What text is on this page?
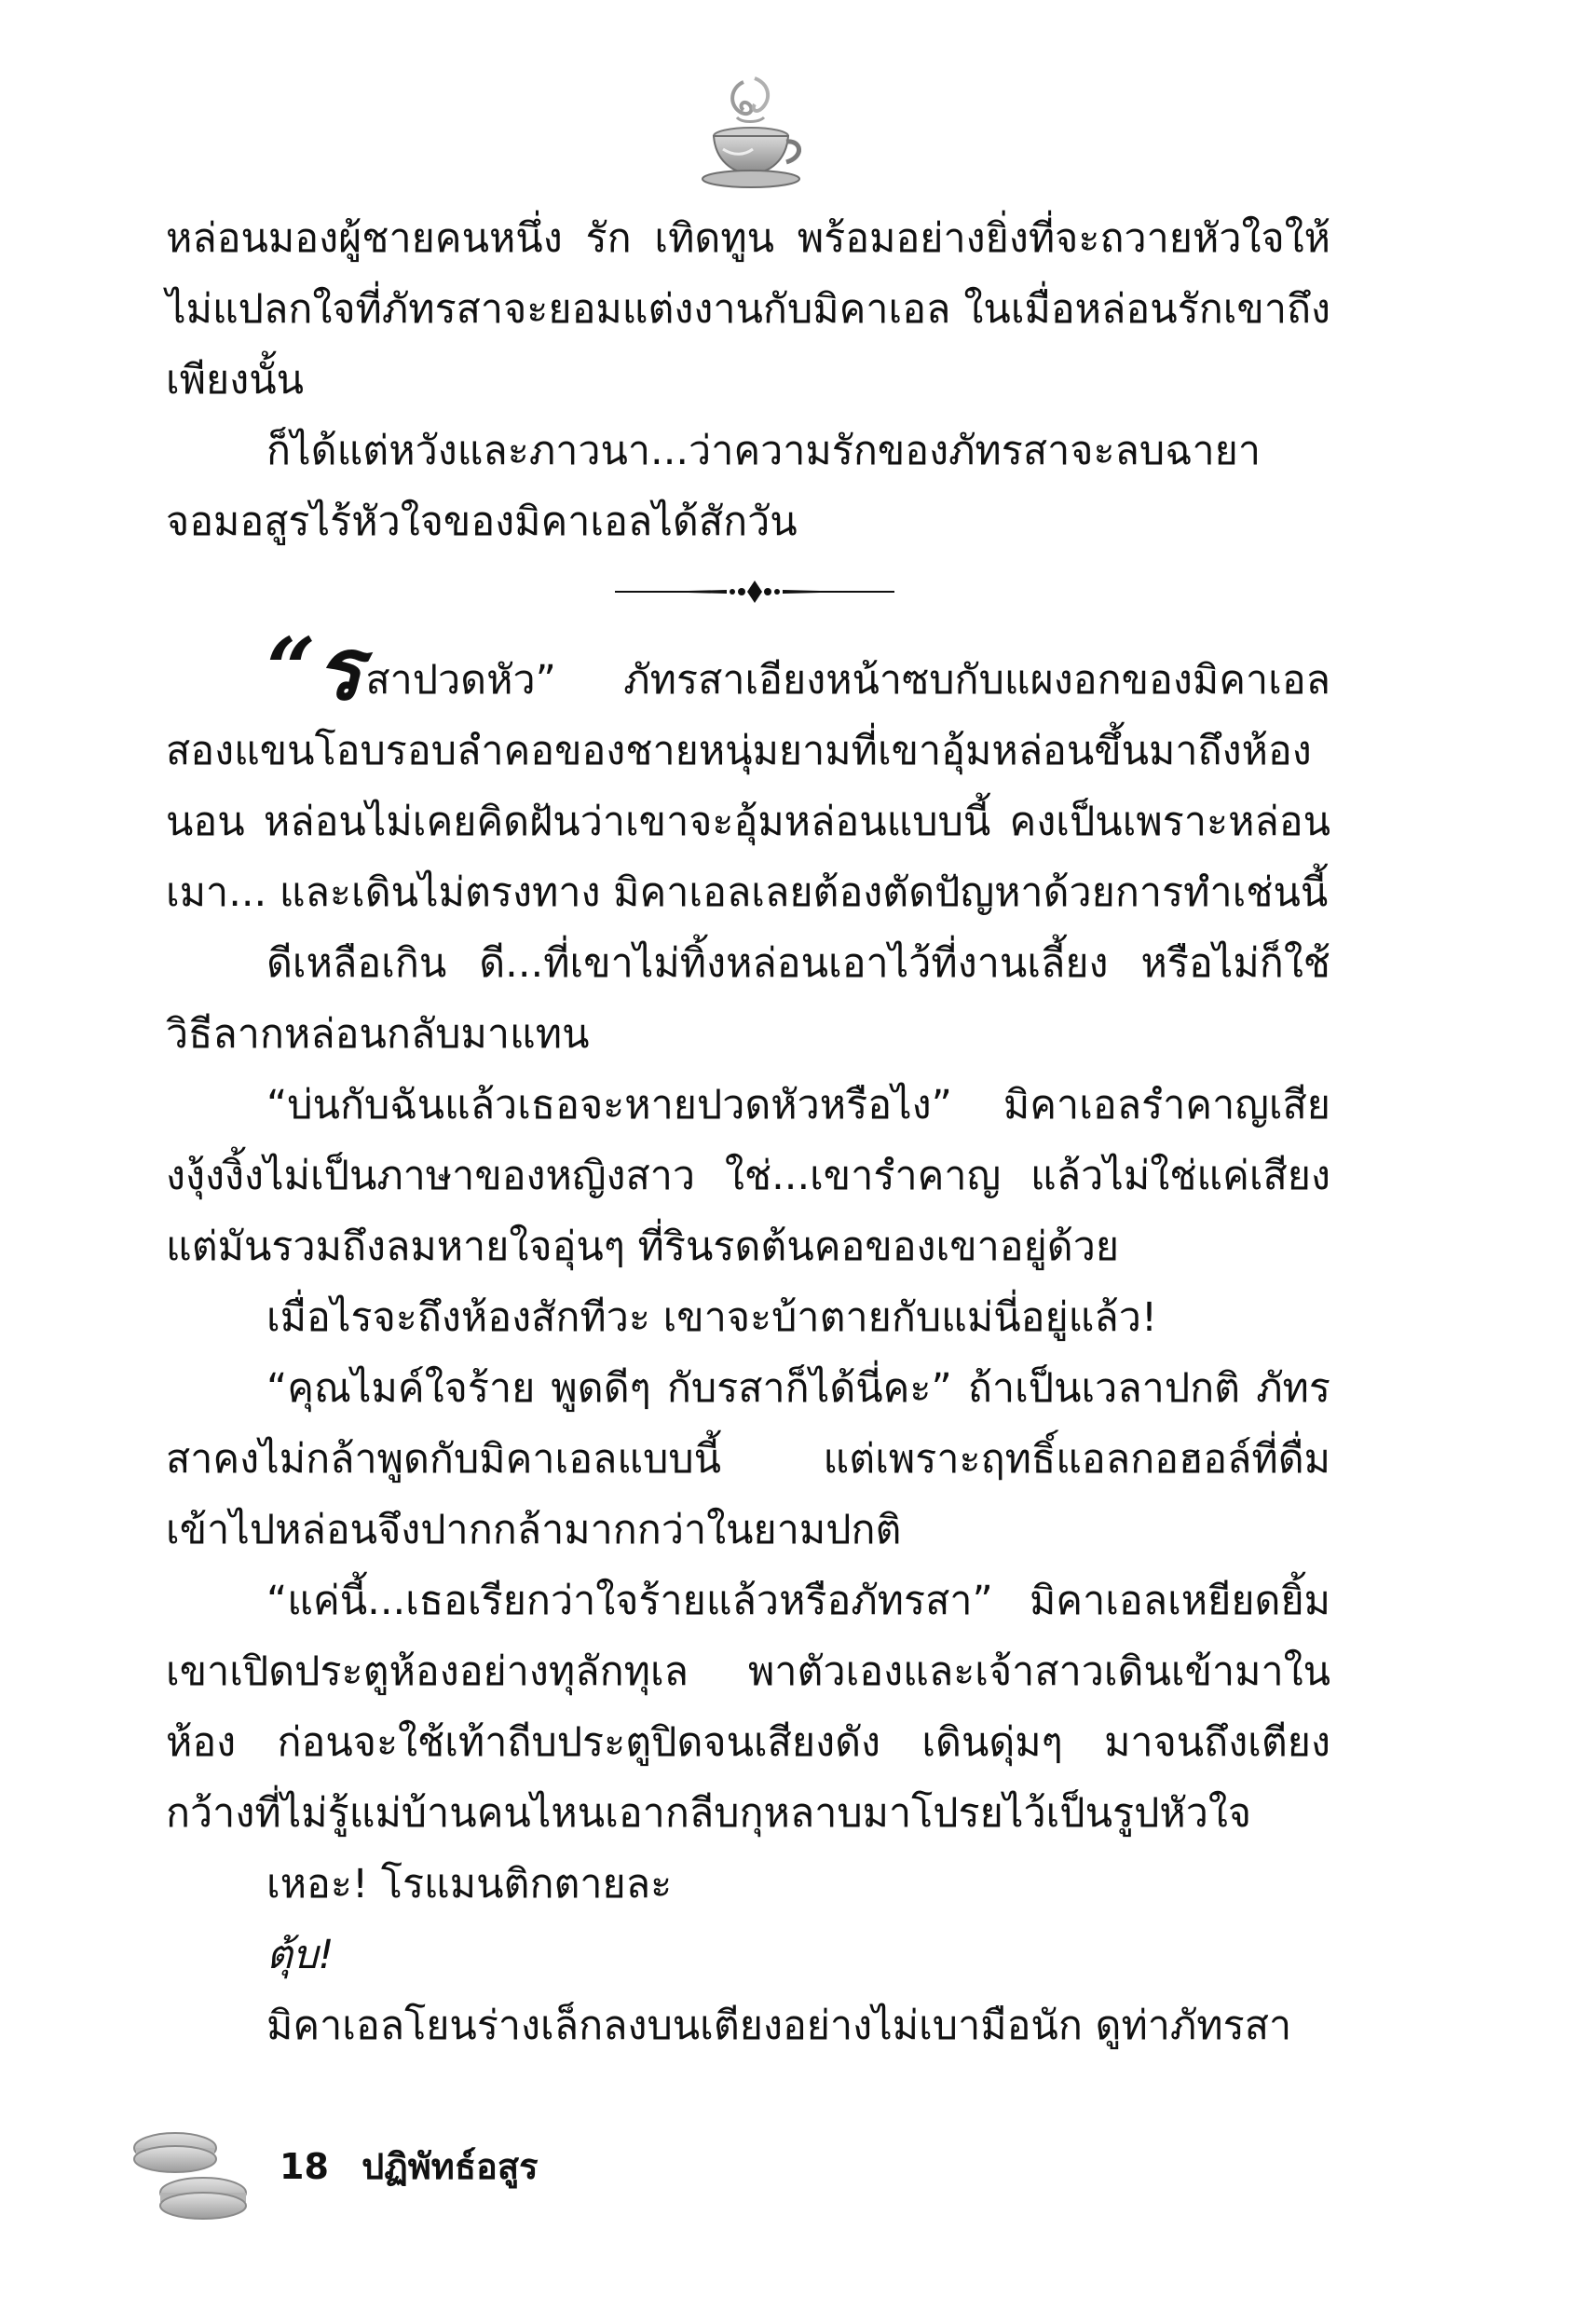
หล่อนมองผู้ชายคนหนึ่ง รัก เทิดทูน พร้อมอย่างยิ่งที่จะถวายหัวใจให้ ไม่แปลกใจที่ภัทรสาจะยอมแต่งงานกับมิคาเอล ในเมื่อหล่อนรักเขาถึงเพียงนั้น

ก็ได้แต่หวังและภาวนา...ว่าความรักของภัทรสาจะลบฉายาจอมอสูรไร้หัวใจของมิคาเอลได้สักวัน

“รสาปวดหัว” ภัทรสาเอียงหน้าซบกับแผงอกของมิคาเอล สองแขนโอบรอบลำคอของชายหนุ่มยามที่เขาอุ้มหล่อนขึ้นมาถึงห้องนอน หล่อนไม่เคยคิดฝันว่าเขาจะอุ้มหล่อนแบบนี้ คงเป็นเพราะหล่อนเมา... และเดินไม่ตรงทาง มิคาเอลเลยต้องตัดปัญหาด้วยการทำเช่นนี้

ดีเหลือเกิน ดี...ที่เขาไม่ทิ้งหล่อนเอาไว้ที่งานเลี้ยง หรือไม่ก็ใช้วิธีลากหล่อนกลับมาแทน

“บ่นกับฉันแล้วเธอจะหายปวดหัวหรือไง” มิคาเอลรำคาญเสียงงุ้งงิ้งไม่เป็นภาษาของหญิงสาว ใช่...เขารำคาญ แล้วไม่ใช่แค่เสียง แต่มันรวมถึงลมหายใจอุ่นๆ ที่รินรดต้นคอของเขาอยู่ด้วย

เมื่อไรจะถึงห้องสักทีวะ เขาจะบ้าตายกับแม่นี่อยู่แล้ว!

“คุณไมค์ใจร้าย พูดดีๆ กับรสาก็ได้นี่คะ” ถ้าเป็นเวลาปกติ ภัทรสาคงไม่กล้าพูดกับมิคาเอลแบบนี้ แต่เพราะฤทธิ์แอลกอฮอล์ที่ดื่มเข้าไปหล่อนจึงปากกล้ามากกว่าในยามปกติ

“แค่นี้...เธอเรียกว่าใจร้ายแล้วหรือภัทรสา” มิคาเอลเหยียดยิ้ม เขาเปิดประตูห้องอย่างทุลักทุเล พาตัวเองและเจ้าสาวเดินเข้ามาในห้อง ก่อนจะใช้เท้าถีบประตูปิดจนเสียงดัง เดินดุ่มๆ มาจนถึงเตียงกว้างที่ไม่รู้แม่บ้านคนไหนเอากลีบกุหลาบมาโปรยไว้เป็นรูปหัวใจ

เหอะ! โรแมนติกตายละ

ตุ้บ!

มิคาเอลโยนร่างเล็กลงบนเตียงอย่างไม่เบามือนัก ดูท่าภัทรสา

18 ปฏิพัทธ์อสูร
